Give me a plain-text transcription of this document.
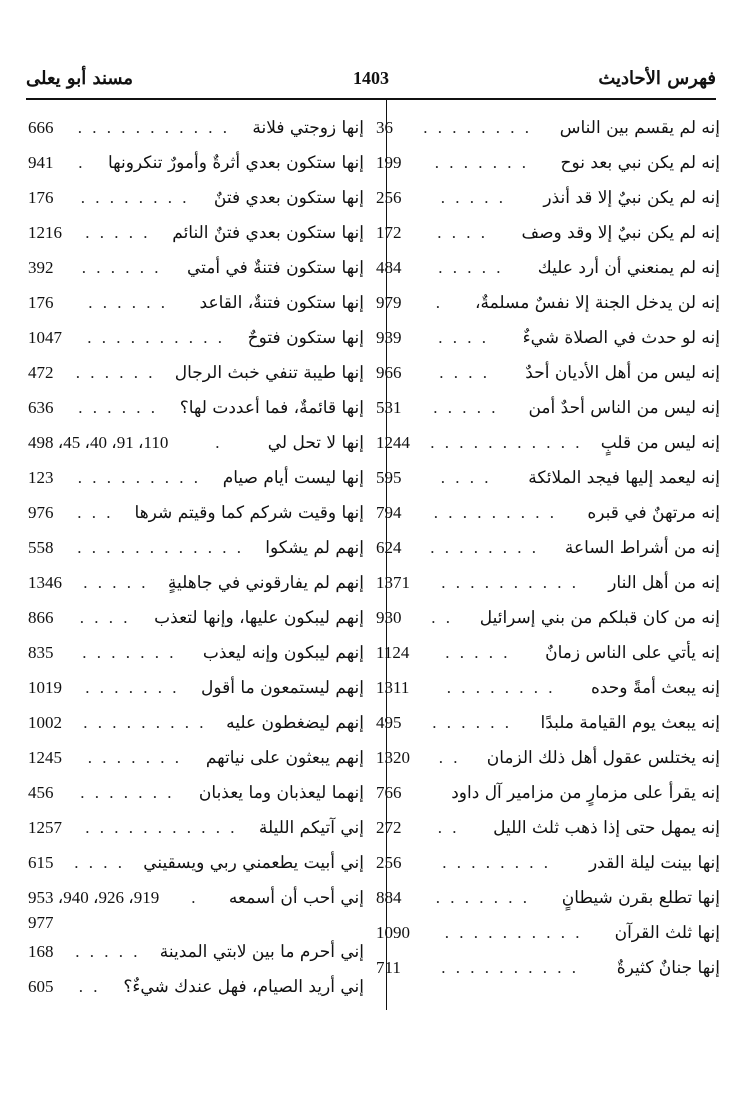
فهرس الأحاديث
1403
مسند أبو يعلى
إنه لم يقسم بين الناس
. . . . . . . .
36
إنه لم يكن نبي بعد نوح
. . . . . . .
199
إنه لم يكن نبيٌ إلا قد أنذر
. . . . .
256
إنه لم يكن نبيٌ إلا وقد وصف
. . . .
172
إنه لم يمنعني أن أرد عليك
. . . . .
484
إنه لن يدخل الجنة إلا نفسٌ مسلمةٌ،
.
979
إنه لو حدث في الصلاة شيءٌ
. . . .
939
إنه ليس من أهل الأديان أحدٌ
. . . .
966
إنه ليس من الناس أحدٌ أمن
. . . . .
531
إنه ليس من قلبٍ
. . . . . . . . . . .
1244
إنه ليعمد إليها فيجد الملائكة
. . . .
595
إنه مرتهنٌ في قبره
. . . . . . . . .
794
إنه من أشراط الساعة
. . . . . . . .
624
إنه من أهل النار
. . . . . . . . . .
1371
إنه من كان قبلكم من بني إسرائيل
. .
930
إنه يأتي على الناس زمانٌ
. . . . .
1124
إنه يبعث أمةً وحده
. . . . . . . .
1311
إنه يبعث يوم القيامة ملبدًا
. . . . . .
495
إنه يختلس عقول أهل ذلك الزمان
. .
1320
إنه يقرأ على مزمارٍ من مزامير آل داود
766
إنه يمهل حتى إذا ذهب ثلث الليل
. .
272
إنها بينت ليلة القدر
. . . . . . . .
256
إنها تطلع بقرن شيطانٍ
. . . . . . .
884
إنها ثلث القرآن
. . . . . . . . . .
1090
إنها جنانٌ كثيرةٌ
. . . . . . . . . .
711
إنها زوجتي فلانة
. . . . . . . . . . .
666
إنها ستكون بعدي أثرةٌ وأمورٌ تنكرونها
.
941
إنها ستكون بعدي فتنٌ
. . . . . . . .
176
إنها ستكون بعدي فتنٌ النائم
. . . . .
1216
إنها ستكون فتنةٌ في أمتي
. . . . . .
392
إنها ستكون فتنةٌ، القاعد
. . . . . .
176
إنها ستكون فتوحٌ
. . . . . . . . . .
1047
إنها طيبة تنفي خبث الرجال
. . . . . .
472
إنها قائمةٌ، فما أعددت لها؟
. . . . . .
636
إنها لا تحل لي
.
498 ،45 ،40 ،91 ،110
إنها ليست أيام صيام
. . . . . . . . .
123
إنها وقيت شركم كما وقيتم شرها
. . .
976
إنهم لم يشكوا
. . . . . . . . . . . .
558
إنهم لم يفارقوني في جاهليةٍ
. . . . .
1346
إنهم ليبكون عليها، وإنها لتعذب
. . . .
866
إنهم ليبكون وإنه ليعذب
. . . . . . .
835
إنهم ليستمعون ما أقول
. . . . . . .
1019
إنهم ليضغطون عليه
. . . . . . . . .
1002
إنهم يبعثون على نياتهم
. . . . . . .
1245
إنهما ليعذبان وما يعذبان
. . . . . . .
456
إني آتيكم الليلة
. . . . . . . . . . .
1257
إني أبيت يطعمني ربي ويسقيني
. . . .
615
إني أحب أن أسمعه
.
953 ،940 ،926 ،919
977
إني أحرم ما بين لابتي المدينة
. . . . .
168
إني أريد الصيام، فهل عندك شيءٌ؟
. .
605
